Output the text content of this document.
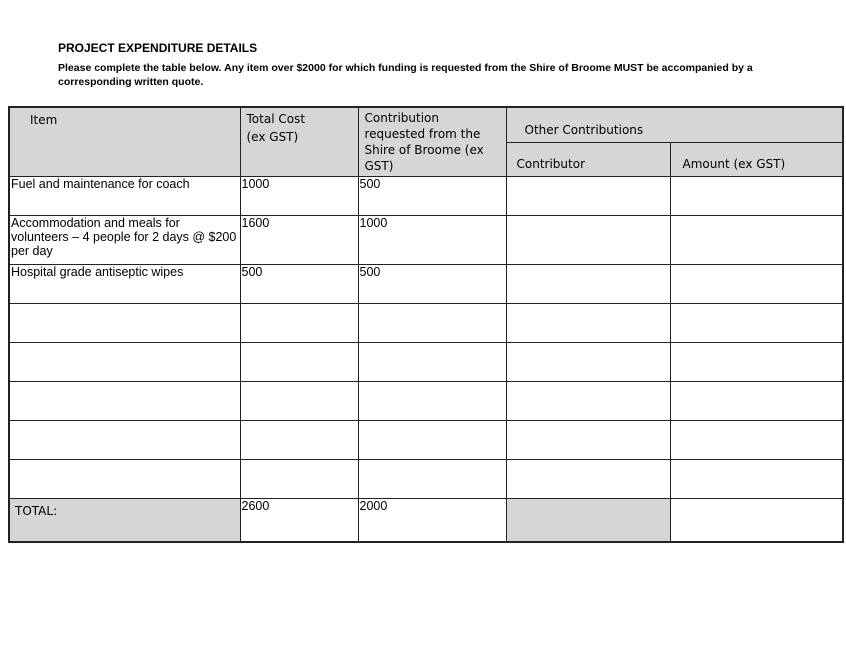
PROJECT EXPENDITURE DETAILS

Please complete the table below. Any item over $2000 for which funding is requested from the Shire of Broome MUST be accompanied by a corresponding written quote.

Item	Total Cost (ex GST)	Contribution requested from the Shire of Broome (ex GST)	Other Contributions	

			Contributor	Amount (ex GST)

Fuel and maintenance for coach	1000	500		

Accommodation and meals for volunteers – 4 people for 2 days @ $200 per day	1600	1000		

Hospital grade antiseptic wipes	500	500		

TOTAL:	2600	2000		
